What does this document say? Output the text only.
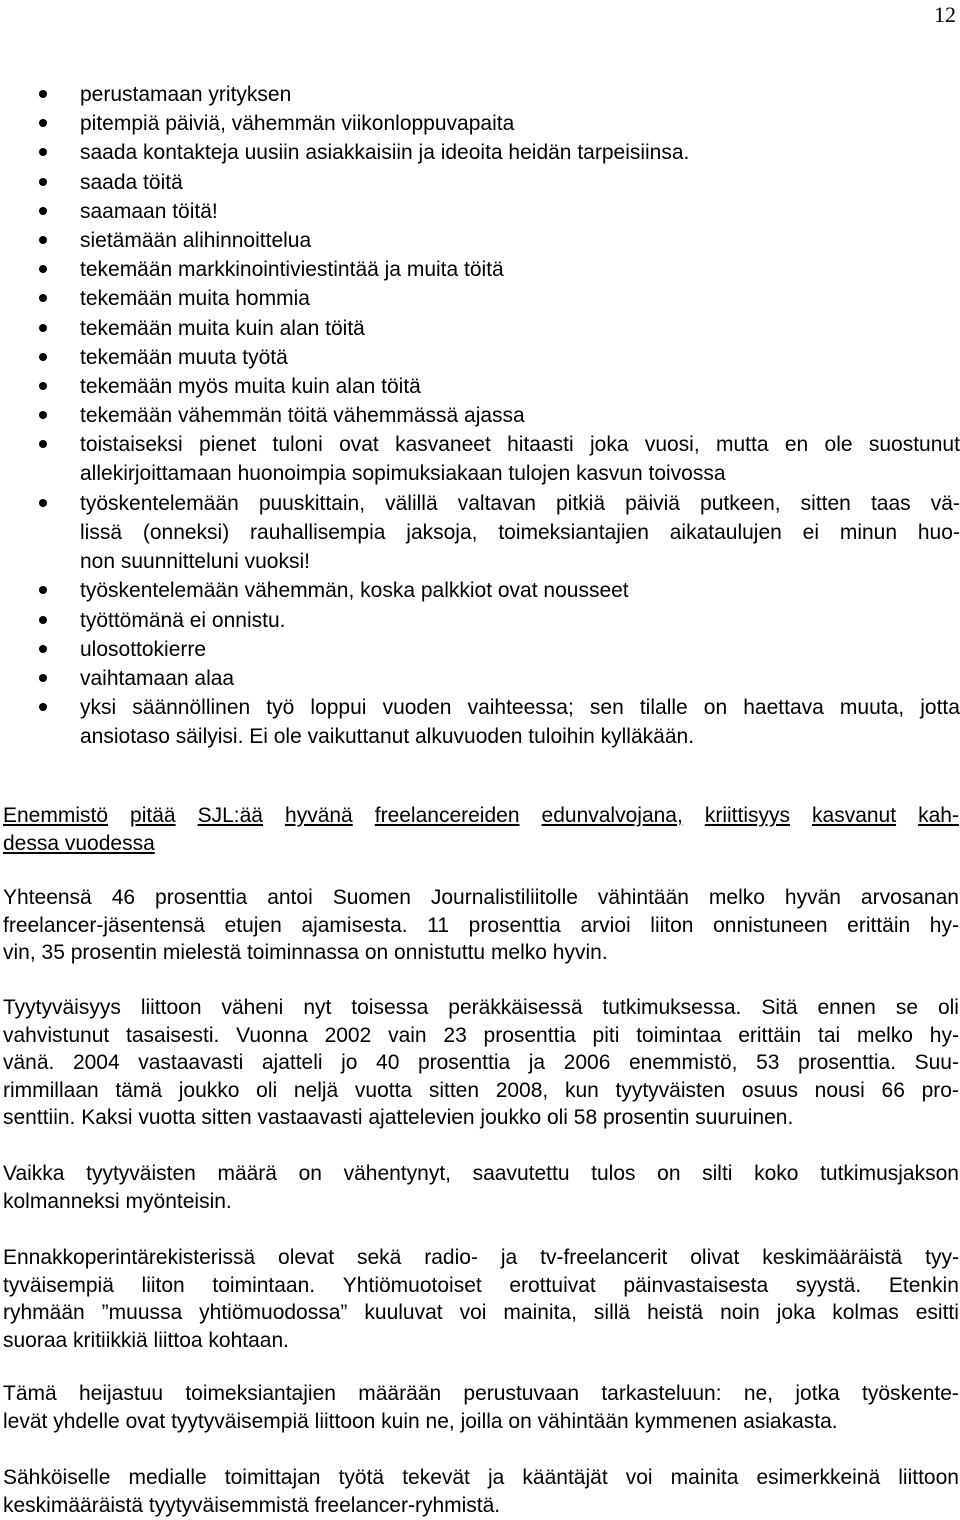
12
perustamaan yrityksen
pitempiä päiviä, vähemmän viikonloppuvapaita
saada kontakteja uusiin asiakkaisiin ja ideoita heidän tarpeisiinsa.
saada töitä
saamaan töitä!
sietämään alihinnoittelua
tekemään markkinointiviestintää ja muita töitä
tekemään muita hommia
tekemään muita kuin alan töitä
tekemään muuta työtä
tekemään myös muita kuin alan töitä
tekemään vähemmän töitä vähemmässä ajassa
toistaiseksi pienet tuloni ovat kasvaneet hitaasti joka vuosi, mutta en ole suostunut
allekirjoittamaan huonoimpia sopimuksiakaan tulojen kasvun toivossa
työskentelemään puuskittain, välillä valtavan pitkiä päiviä putkeen, sitten taas vä-
lissä (onneksi) rauhallisempia jaksoja, toimeksiantajien aikataulujen ei minun huo-
non suunnitteluni vuoksi!
työskentelemään vähemmän, koska palkkiot ovat nousseet
työttömänä ei onnistu.
ulosottokierre
vaihtamaan alaa
yksi säännöllinen työ loppui vuoden vaihteessa; sen tilalle on haettava muuta, jotta
ansiotaso säilyisi. Ei ole vaikuttanut alkuvuoden tuloihin kylläkään.
Enemmistö pitää SJL:ää hyvänä freelancereiden edunvalvojana, kriittisyys kasvanut kah-
dessa vuodessa
Yhteensä 46 prosenttia antoi Suomen Journalistiliitolle vähintään melko hyvän arvosanan
freelancer-jäsentensä etujen ajamisesta. 11 prosenttia arvioi liiton onnistuneen erittäin hy-
vin, 35 prosentin mielestä toiminnassa on onnistuttu melko hyvin.
Tyytyväisyys liittoon väheni nyt toisessa peräkkäisessä tutkimuksessa. Sitä ennen se oli
vahvistunut tasaisesti. Vuonna 2002 vain 23 prosenttia piti toimintaa erittäin tai melko hy-
vänä. 2004 vastaavasti ajatteli jo 40 prosenttia ja 2006 enemmistö, 53 prosenttia. Suu-
rimmillaan tämä joukko oli neljä vuotta sitten 2008, kun tyytyväisten osuus nousi 66 pro-
senttiin. Kaksi vuotta sitten vastaavasti ajattelevien joukko oli 58 prosentin suuruinen.
Vaikka tyytyväisten määrä on vähentynyt, saavutettu tulos on silti koko tutkimusjakson
kolmanneksi myönteisin.
Ennakkoperintärekisterissä olevat sekä radio- ja tv-freelancerit olivat keskimääräistä tyy-
tyväisempiä liiton toimintaan. Yhtiömuotoiset erottuivat päinvastaisesta syystä. Etenkin
ryhmään ”muussa yhtiömuodossa” kuuluvat voi mainita, sillä heistä noin joka kolmas esitti
suoraa kritiikkiä liittoa kohtaan.
Tämä heijastuu toimeksiantajien määrään perustuvaan tarkasteluun: ne, jotka työskente-
levät yhdelle ovat tyytyväisempiä liittoon kuin ne, joilla on vähintään kymmenen asiakasta.
Sähköiselle medialle toimittajan työtä tekevät ja kääntäjät voi mainita esimerkkeinä liittoon
keskimääräistä tyytyväisemmistä freelancer-ryhmistä.
